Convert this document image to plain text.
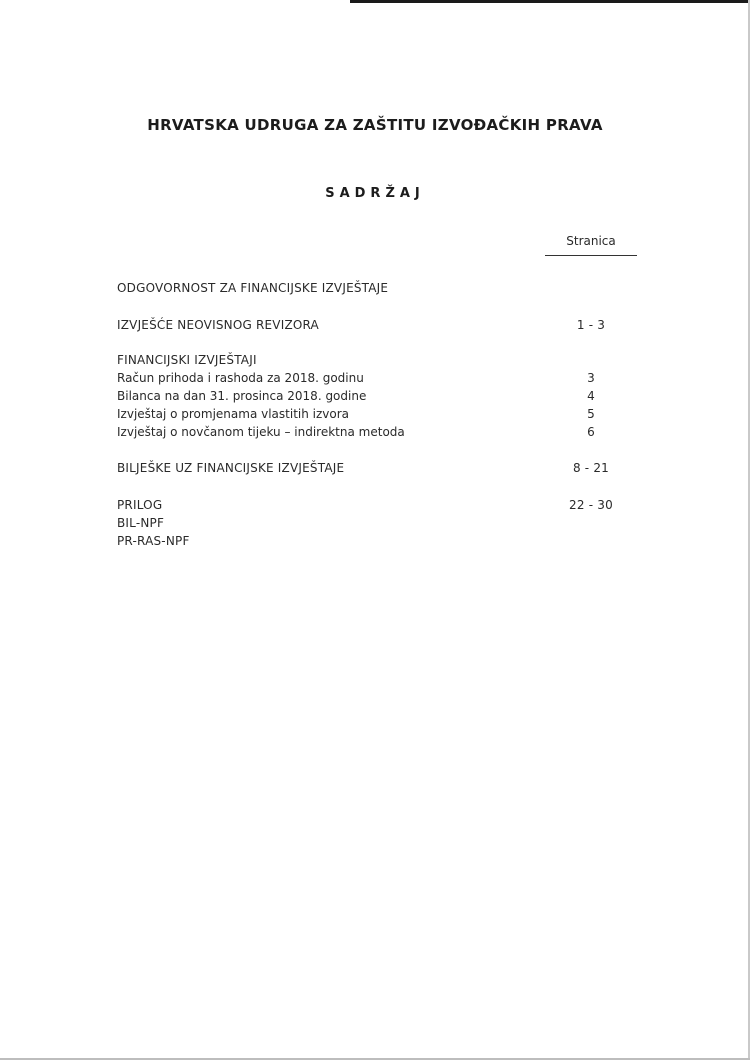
HRVATSKA UDRUGA ZA ZAŠTITU IZVOĐAČKIH PRAVA
SADRŽAJ
Stranica
ODGOVORNOST ZA FINANCIJSKE IZVJEŠTAJE
IZVJEŠĆE NEOVISNOG REVIZORA	1 - 3
FINANCIJSKI IZVJEŠTAJI
Račun prihoda i rashoda za 2018. godinu	3
Bilanca na dan 31. prosinca 2018. godine	4
Izvještaj o promjenama vlastitih izvora	5
Izvještaj o novčanom tijeku – indirektna metoda	6
BILJEŠKE UZ FINANCIJSKE IZVJEŠTAJE	8 - 21
PRILOG	22 - 30
BIL-NPF
PR-RAS-NPF
